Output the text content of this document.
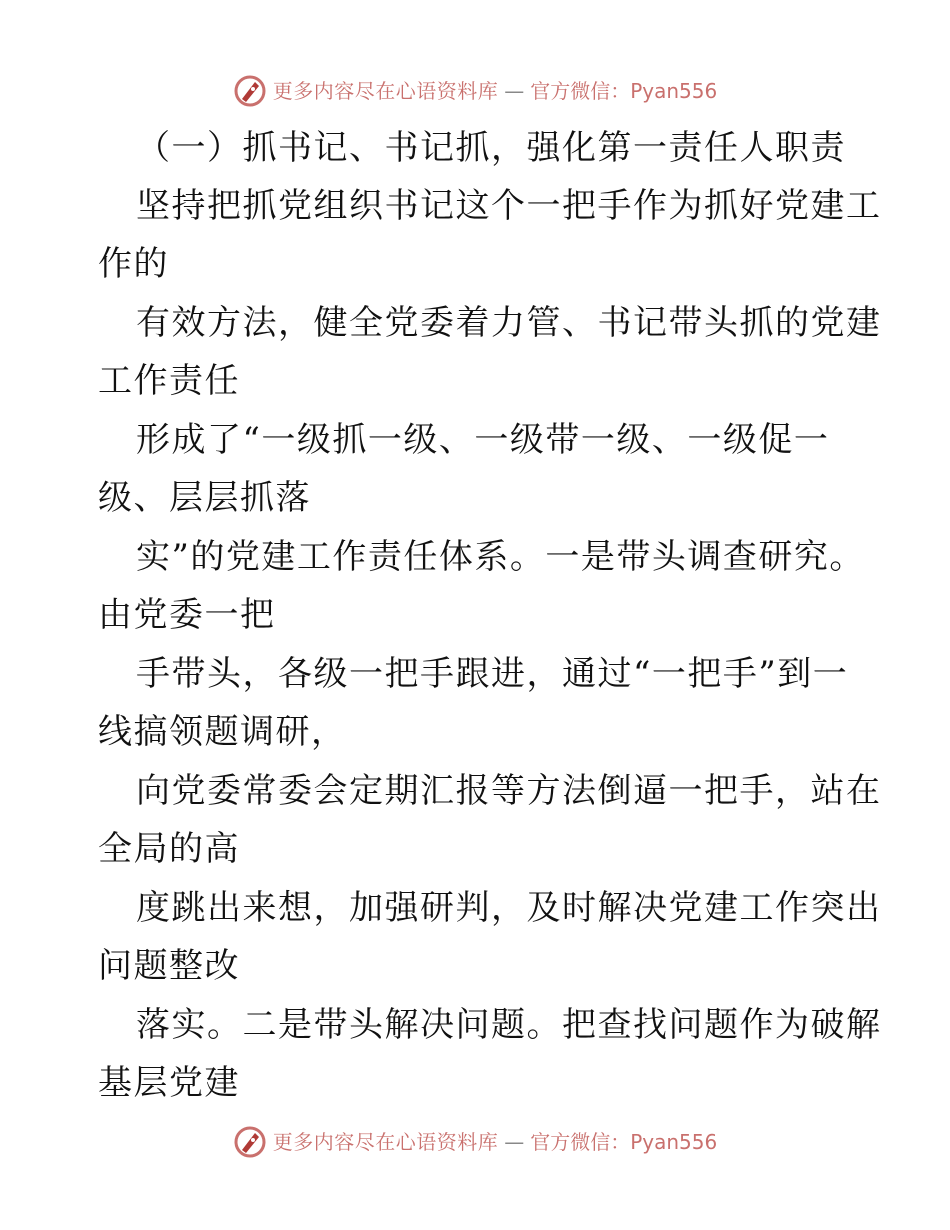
更多内容尽在心语资料库 — 官方微信：Pyan556
（一）抓书记、书记抓，强化第一责任人职责
坚持把抓党组织书记这个一把手作为抓好党建工
作的
有效方法，健全党委着力管、书记带头抓的党建
工作责任
形成了“一级抓一级、一级带一级、一级促一
级、层层抓落
实”的党建工作责任体系。一是带头调查研究。
由党委一把
手带头，各级一把手跟进，通过“一把手”到一
线搞领题调研，
向党委常委会定期汇报等方法倒逼一把手，站在
全局的高
度跳出来想，加强研判，及时解决党建工作突出
问题整改
落实。二是带头解决问题。把查找问题作为破解
基层党建
更多内容尽在心语资料库 — 官方微信：Pyan556
